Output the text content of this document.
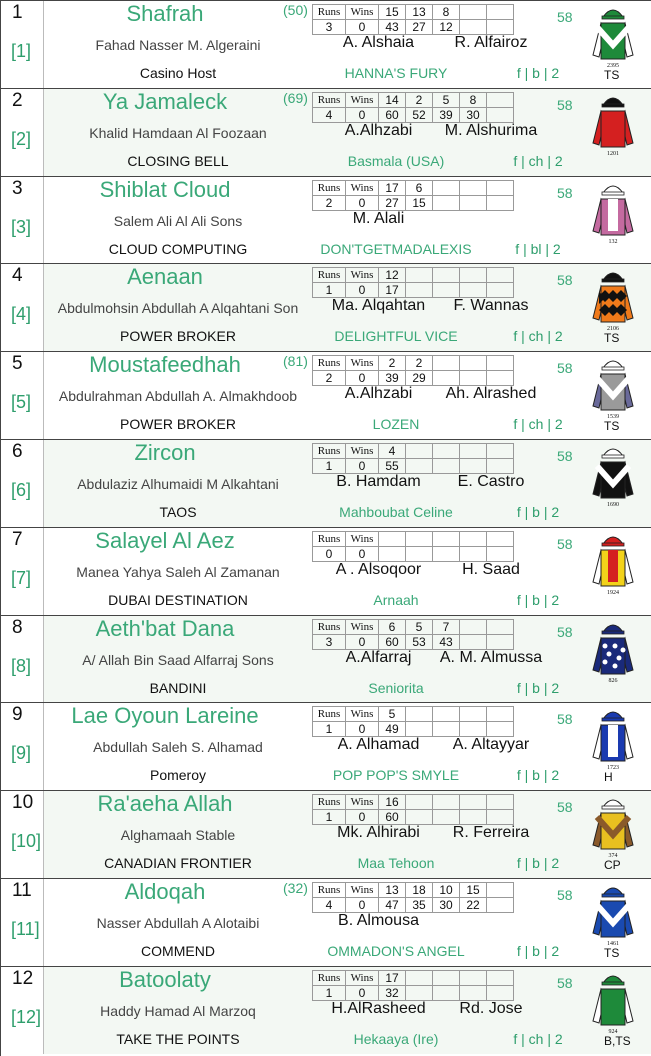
1
[1]
Shafrah	(50)
Fahad Nasser M. Algeraini
Casino Host
A. Alshaia	R. Alfairoz
HANNA'S FURY	f | b | 2
58
Runs	Wins	15	13	8		
3	0	43	27	12		
2395
TS
2
[2]
Ya Jamaleck	(69)
Khalid Hamdaan Al Foozaan
CLOSING BELL
A.Alhzabi	M. Alshurima
Basmala (USA)	f | ch | 2
58
Runs	Wins	14	2	5	8	
4	0	60	52	39	30	
1201
3
[3]
Shiblat Cloud
Salem Ali Al Ali Sons
CLOUD COMPUTING
M. Alali
DON'TGETMADALEXIS	f | bl | 2
58
Runs	Wins	17	6			
2	0	27	15			
132
4
[4]
Aenaan
Abdulmohsin Abdullah A Alqahtani Son
POWER BROKER
Ma. Alqahtan	F. Wannas
DELIGHTFUL VICE	f | ch | 2
58
Runs	Wins	12				
1	0	17				
2106
TS
5
[5]
Moustafeedhah	(81)
Abdulrahman Abdullah A. Almakhdoob
POWER BROKER
A.Alhzabi	Ah. Alrashed
LOZEN	f | ch | 2
58
Runs	Wins	2	2			
2	0	39	29			
1539
TS
6
[6]
Zircon
Abdulaziz Alhumaidi M Alkahtani
TAOS
B. Hamdam	E. Castro
Mahboubat Celine	f | b | 2
58
Runs	Wins	4				
1	0	55				
1690
7
[7]
Salayel Al Aez
Manea Yahya Saleh Al Zamanan
DUBAI DESTINATION
A . Alsoqoor	H. Saad
Arnaah	f | b | 2
58
Runs	Wins					
0	0					
1924
8
[8]
Aeth'bat Dana
A/ Allah Bin Saad Alfarraj Sons
BANDINI
A.Alfarraj	A. M. Almussa
Seniorita	f | b | 2
58
Runs	Wins	6	5	7		
3	0	60	53	43		
826
9
[9]
Lae Oyoun Lareine
Abdullah Saleh S. Alhamad
Pomeroy
A. Alhamad	A. Altayyar
POP POP'S SMYLE	f | b | 2
58
Runs	Wins	5				
1	0	49				
1723
H
10
[10]
Ra'aeha Allah
Alghamaah Stable
CANADIAN FRONTIER
Mk. Alhirabi	R. Ferreira
Maa Tehoon	f | b | 2
58
Runs	Wins	16				
1	0	60				
374
CP
11
[11]
Aldoqah	(32)
Nasser Abdullah A Alotaibi
COMMEND
B. Almousa
OMMADON'S ANGEL	f | b | 2
58
Runs	Wins	13	18	10	15	
4	0	47	35	30	22	
1461
TS
12
[12]
Batoolaty
Haddy Hamad Al Marzoq
TAKE THE POINTS
H.AlRasheed	Rd. Jose
Hekaaya (Ire)	f | ch | 2
58
Runs	Wins	17				
1	0	32				
924
B,TS
